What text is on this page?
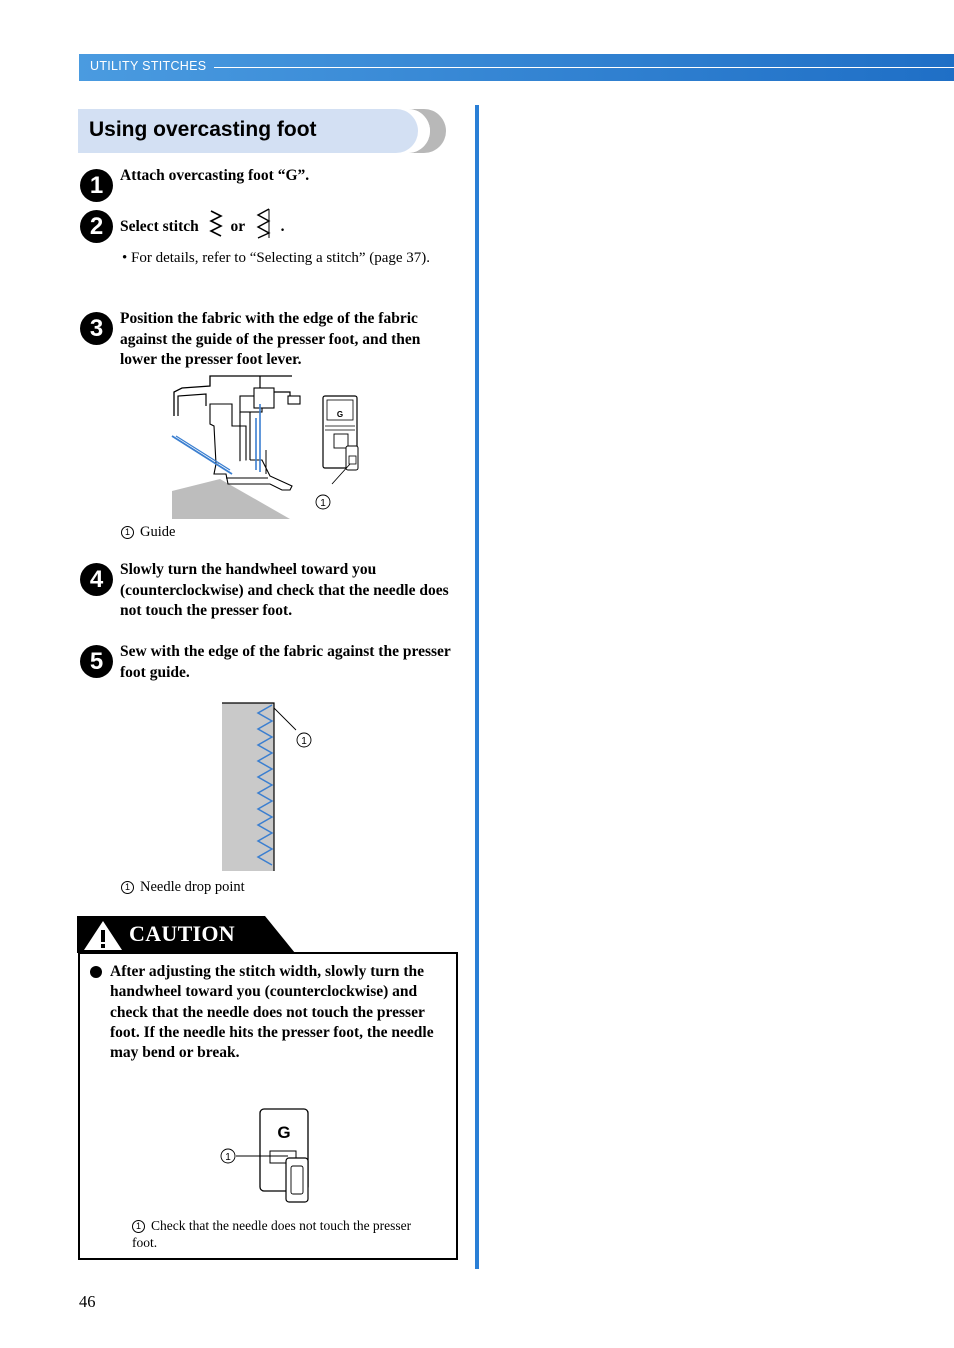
UTILITY STITCHES
Using overcasting foot
1	Attach overcasting foot “G”.
2	Select stitch or .
• For details, refer to “Selecting a stitch” (page 37).
3	Position the fabric with the edge of the fabric against the guide of the presser foot, and then lower the presser foot lever.
G
1
1 Guide
4	Slowly turn the handwheel toward you (counterclockwise) and check that the needle does not touch the presser foot.
5	Sew with the edge of the fabric against the presser foot guide.
1
1 Needle drop point
CAUTION
After adjusting the stitch width, slowly turn the handwheel toward you (counterclockwise) and check that the needle does not touch the presser foot. If the needle hits the presser foot, the needle may bend or break.
G
1
1 Check that the needle does not touch the presser foot.
46
